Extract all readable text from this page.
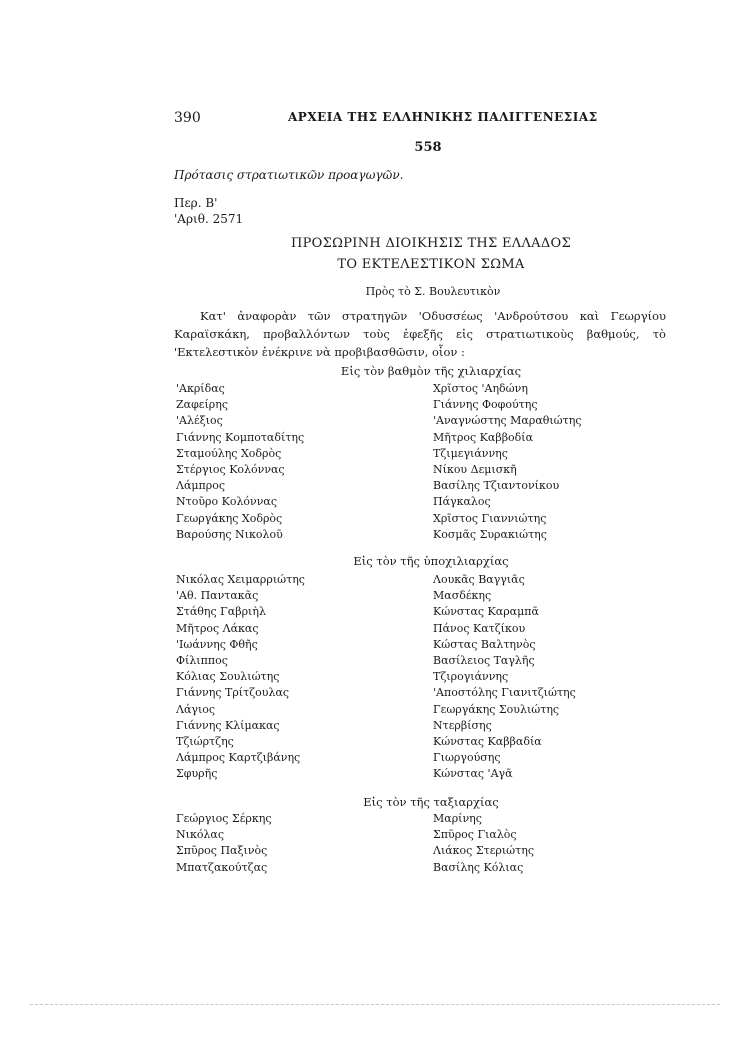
390	ΑΡΧΕΙΑ ΤΗΣ ΕΛΛΗΝΙΚΗΣ ΠΑΛΙΓΓΕΝΕΣΙΑΣ
558
Πρότασις στρατιωτικῶν προαγωγῶν.
Περ. Β'
'Αριθ. 2571
ΠΡΟΣΩΡΙΝΗ ΔΙΟΙΚΗΣΙΣ ΤΗΣ ΕΛΛΑΔΟΣ
ΤΟ ΕΚΤΕΛΕΣΤΙΚΟΝ ΣΩΜΑ
Πρὸς τὸ Σ. Βουλευτικὸν
Κατ' ἀναφορὰν τῶν στρατηγῶν 'Οδυσσέως 'Ανδρούτσου καὶ Γεωργίου Καραϊσκάκη, προβαλλόντων τοὺς ἐφεξῆς εἰς στρατιωτικοὺς βαθμούς, τὸ 'Εκτελεστικὸν ἐνέκρινε νὰ προβιβασθῶσιν, οἷον :
Εἰς τὸν βαθμὸν τῆς χιλιαρχίας
'Ακρίδας
Ζαφείρης
'Αλέξιος
Γιάννης Κομποταδίτης
Σταμούλης Χοδρὸς
Στέργιος Κολόννας
Λάμπρος
Ντοῦρο Κολόννας
Γεωργάκης Χοδρὸς
Βαρούσης Νικολοῦ
Χρῖστος 'Αηδώνη
Γιάννης Φοφούτης
'Αναγνώστης Μαραθιώτης
Μῆτρος Καββοδία
Τζιμεγιάννης
Νίκου Δεμισκῆ
Βασίλης Τζιαντονίκου
Πάγκαλος
Χρῖστος Γιαννιώτης
Κοσμᾶς Συρακιώτης
Εἰς τὸν τῆς ὑποχιλιαρχίας
Νικόλας Χειμαρριώτης
'Αθ. Παντακᾶς
Στάθης Γαβριὴλ
Μῆτρος Λάκας
'Ιωάννης Φθῆς
Φίλιππος
Κόλιας Σουλιώτης
Γιάννης Τρίτζουλας
Λάγιος
Γιάννης Κλίμακας
Τζιώρτζης
Λάμπρος Καρτζιβάνης
Σφυρῆς
Λουκᾶς Βαγγιᾶς
Μασδέκης
Κώνστας Καραμπᾶ
Πάνος Κατζίκου
Κώστας Βαλτηνὸς
Βασίλειος Ταγλῆς
Τζιρογιάννης
'Αποστόλης Γιανιτζιώτης
Γεωργάκης Σουλιώτης
Ντερβίσης
Κώνστας Καββαδία
Γιωργούσης
Κώνστας 'Αγᾶ
Εἰς τὸν τῆς ταξιαρχίας
Γεώργιος Σέρκης
Νικόλας
Σπῦρος Παξινὸς
Μπατζακούτζας
Μαρίνης
Σπῦρος Γιαλὸς
Λιάκος Στεριώτης
Βασίλης Κόλιας
